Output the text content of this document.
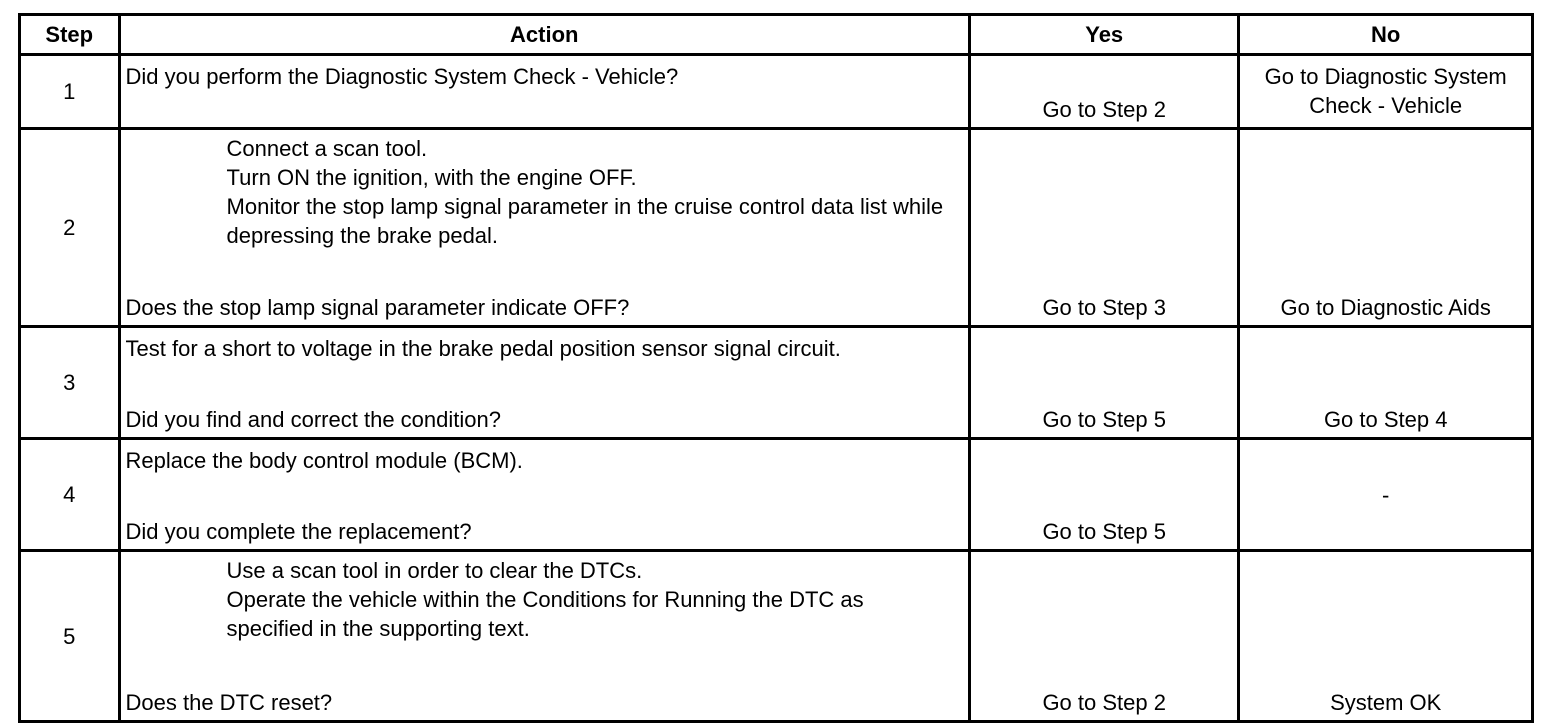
Step	Action	Yes	No
1	Did you perform the Diagnostic System Check - Vehicle?	Go to Step 2	Go to Diagnostic System
Check - Vehicle

2	Connect a scan tool.
Turn ON the ignition, with the engine OFF.
Monitor the stop lamp signal parameter in the cruise control data list while depressing the brake pedal.
Does the stop lamp signal parameter indicate OFF?	Go to Step 3	Go to Diagnostic Aids

3	Test for a short to voltage in the brake pedal position sensor signal circuit.
Did you find and correct the condition?	Go to Step 5	Go to Step 4

4	Replace the body control module (BCM).
Did you complete the replacement?	Go to Step 5	-

5	Use a scan tool in order to clear the DTCs.
Operate the vehicle within the Conditions for Running the DTC as specified in the supporting text.
Does the DTC reset?	Go to Step 2	System OK
